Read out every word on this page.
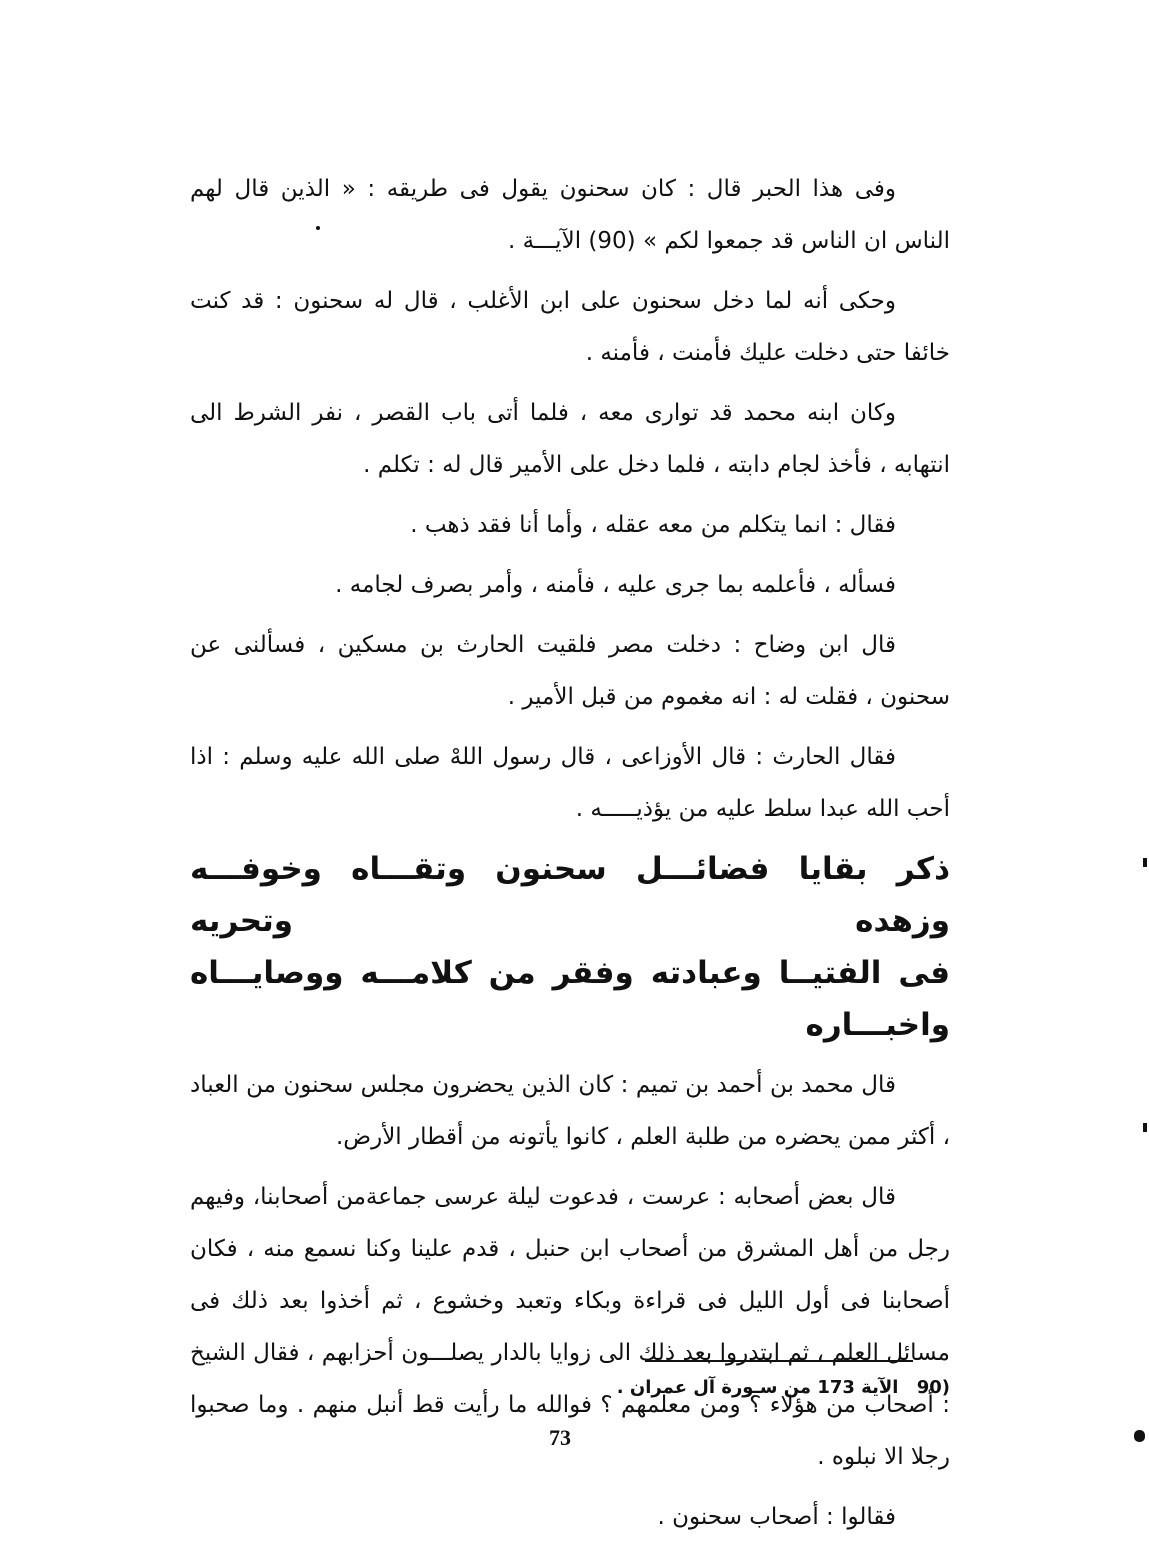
وفى هذا الحبر قال : كان سحنون يقول فى طريقه : « الذين قال لهم الناس ان الناس قد جمعوا لكم » (90) الآيـــة .

وحكى أنه لما دخل سحنون على ابن الأغلب ، قال له سحنون : قد كنت خائفا حتى دخلت عليك فأمنت ، فأمنه .

وكان ابنه محمد قد توارى معه ، فلما أتى باب القصر ، نفر الشرط الى انتهابه ، فأخذ لجام دابته ، فلما دخل على الأمير قال له : تكلم .

فقال : انما يتكلم من معه عقله ، وأما أنا فقد ذهب .

فسأله ، فأعلمه بما جرى عليه ، فأمنه ، وأمر بصرف لجامه .

قال ابن وضاح : دخلت مصر فلقيت الحارث بن مسكين ، فسألنى عن سحنون ، فقلت له : انه مغموم من قبل الأمير .

فقال الحارث : قال الأوزاعى ، قال رسول اللهْ صلى الله عليه وسلم : اذا أحب الله عبدا سلط عليه من يؤذيـــــه .

ذكر بقايا فضائـــل سحنون وتقـــاه وخوفـــه وزهده وتحريه
فى الفتيــا وعبادته وفقر من كلامـــه ووصايـــاه واخبـــاره

قال محمد بن أحمد بن تميم : كان الذين يحضرون مجلس سحنون من العباد ، أكثر ممن يحضره من طلبة العلم ، كانوا يأتونه من أقطار الأرض.

قال بعض أصحابه : عرست ، فدعوت ليلة عرسى جماعةمن أصحابنا، وفيهم رجل من أهل المشرق من أصحاب ابن حنبل ، قدم علينا وكنا نسمع منه ، فكان أصحابنا فى أول الليل فى قراءة وبكاء وتعبد وخشوع ، ثم أخذوا بعد ذلك فى مسائل العلم ، ثم ابتدروا بعد ذلك الى زوايا بالدار يصلـــون أحزابهم ، فقال الشيخ : أصحاب من هؤلاء ؟ ومن معلمهم ؟ فوالله ما رأيت قط أنبل منهم . وما صحبوا رجلا الا نبلوه .

فقالوا : أصحاب سحنون .

(90 الآية 173 من سـورة آل عمران .
73
